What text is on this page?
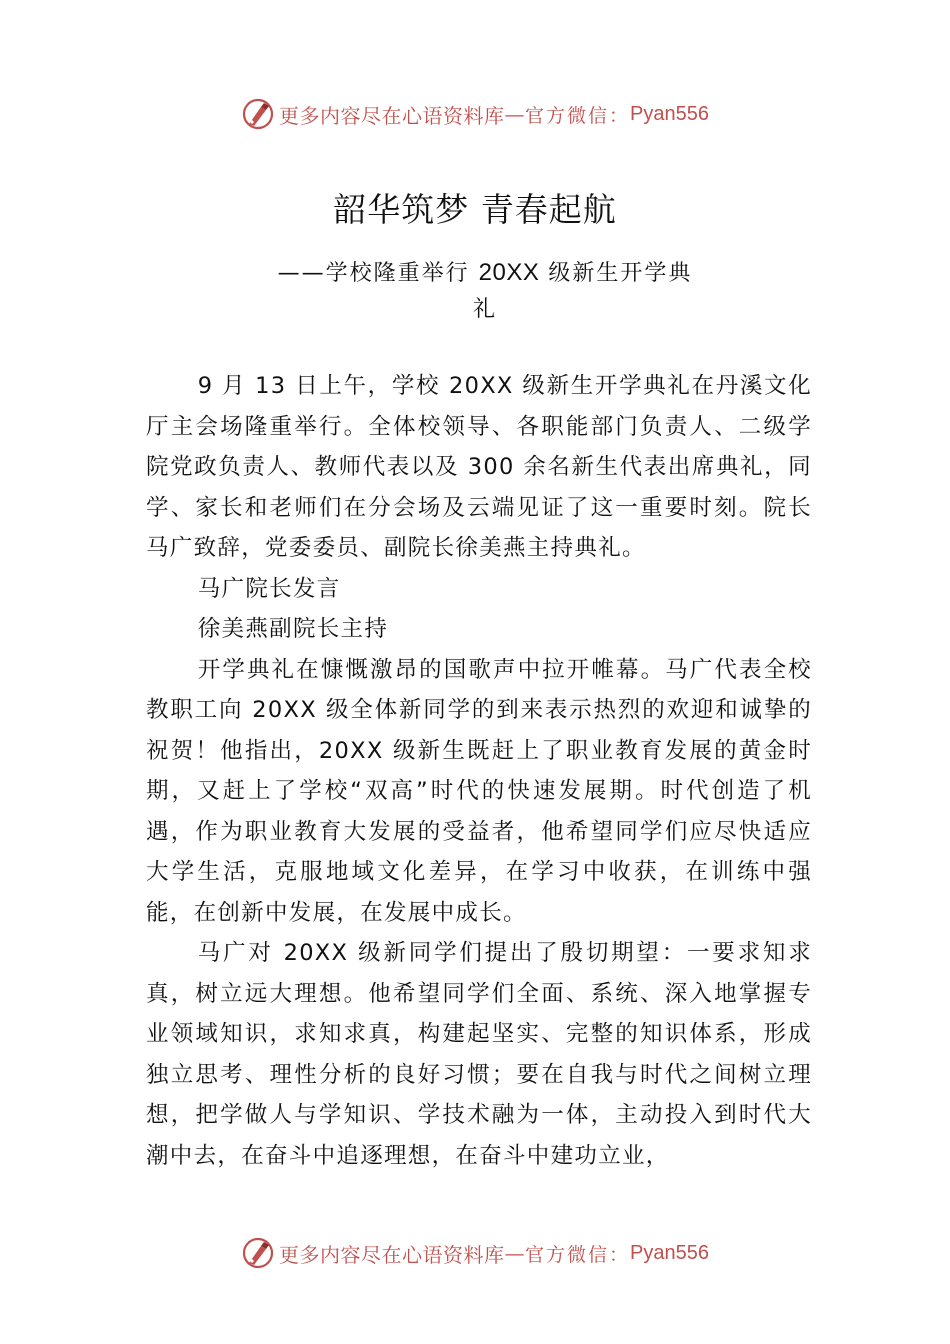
更多内容尽在心语资料库 — 官方微信： Pyan556
韶华筑梦 青春起航
——学校隆重举行 20XX 级新生开学典礼

9 月 13 日上午，学校 20XX 级新生开学典礼在丹溪文化厅主会场隆重举行。全体校领导、各职能部门负责人、二级学院党政负责人、教师代表以及 300 余名新生代表出席典礼，同学、家长和老师们在分会场及云端见证了这一重要时刻。院长马广致辞，党委委员、副院长徐美燕主持典礼。

马广院长发言

徐美燕副院长主持

开学典礼在慷慨激昂的国歌声中拉开帷幕。马广代表全校教职工向 20XX 级全体新同学的到来表示热烈的欢迎和诚挚的祝贺！他指出，20XX 级新生既赶上了职业教育发展的黄金时期，又赶上了学校“双高”时代的快速发展期。时代创造了机遇，作为职业教育大发展的受益者，他希望同学们应尽快适应大学生活，克服地域文化差异，在学习中收获，在训练中强能，在创新中发展，在发展中成长。

马广对 20XX 级新同学们提出了殷切期望：一要求知求真，树立远大理想。他希望同学们全面、系统、深入地掌握专业领域知识，求知求真，构建起坚实、完整的知识体系，形成独立思考、理性分析的良好习惯；要在自我与时代之间树立理想，把学做人与学知识、学技术融为一体，主动投入到时代大潮中去，在奋斗中追逐理想，在奋斗中建功立业，

更多内容尽在心语资料库 — 官方微信： Pyan556
